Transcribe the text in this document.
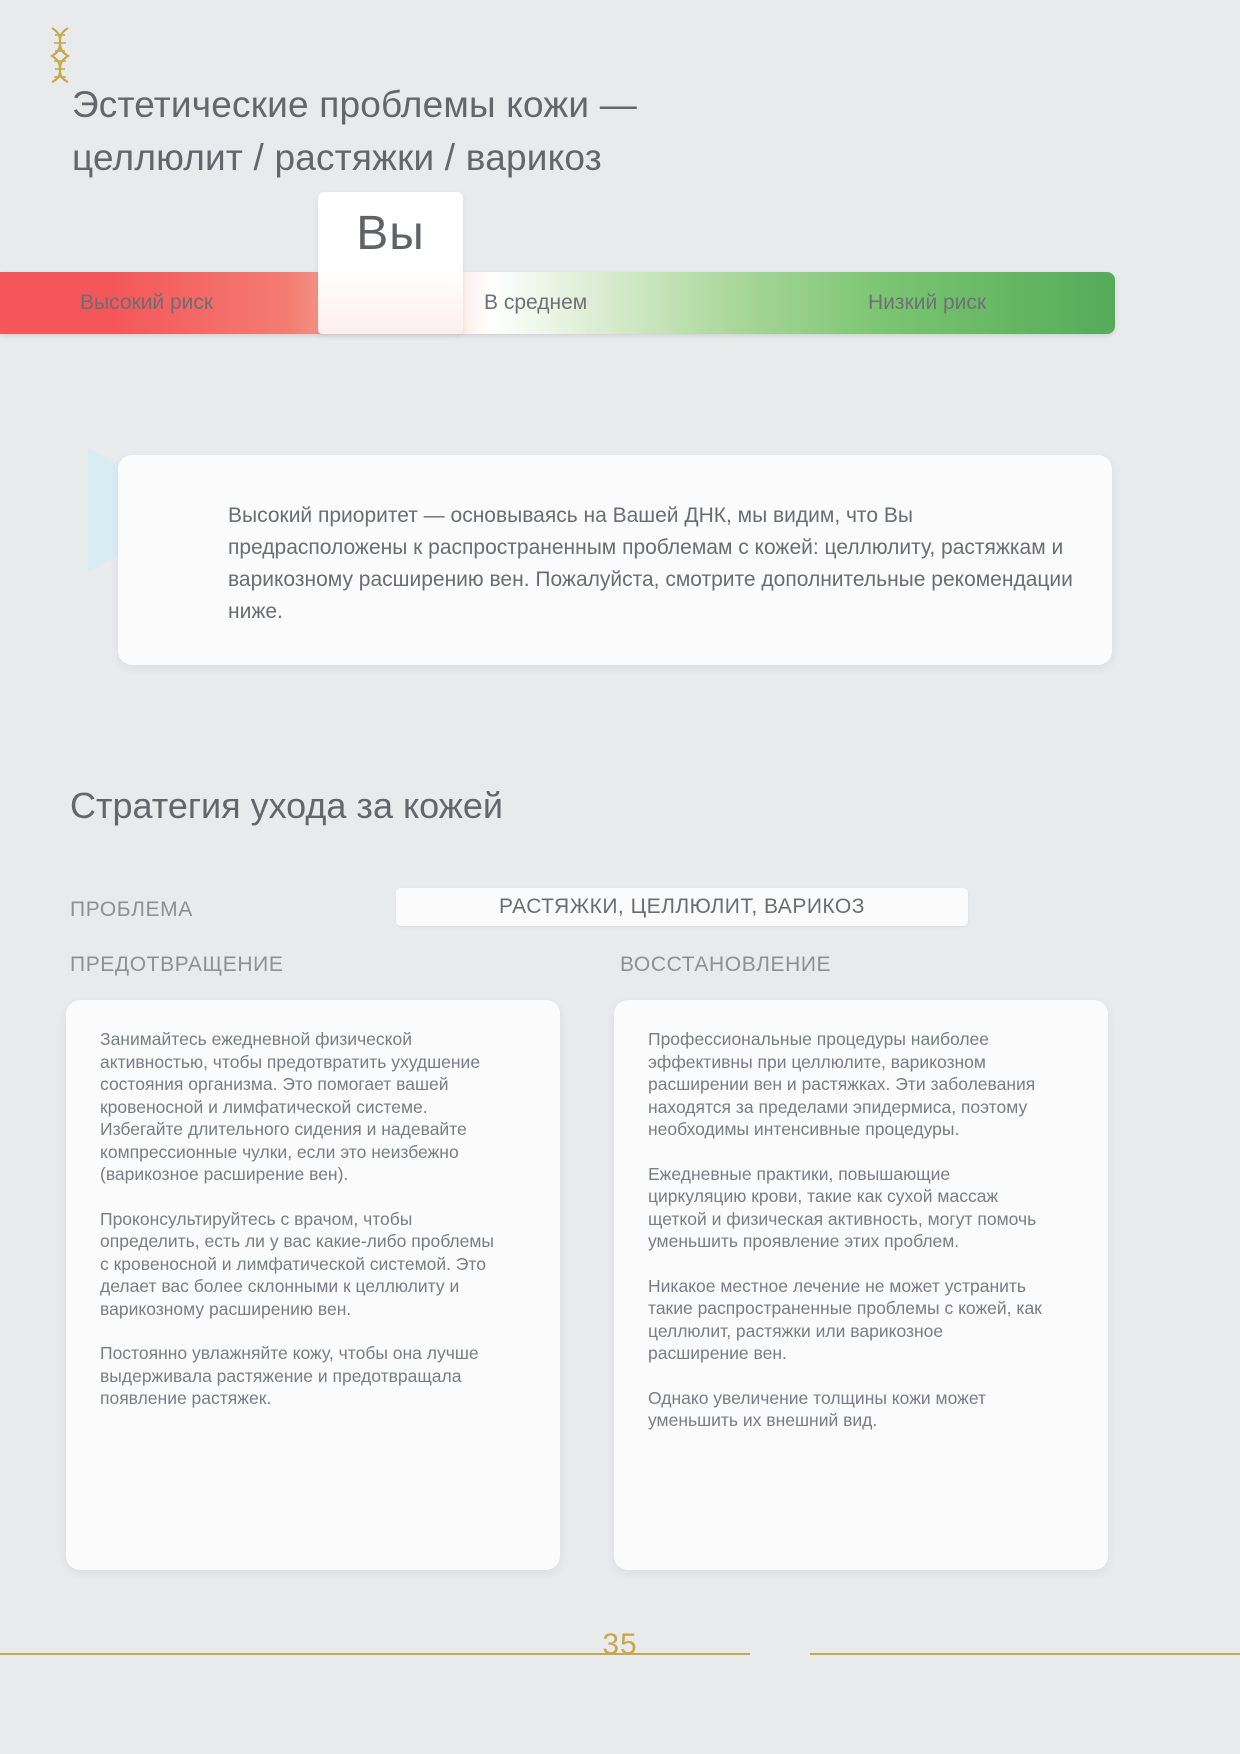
Эстетические проблемы кожи —
целлюлит / растяжки / варикоз
Высокий риск	В среднем	Низкий риск
Вы
Высокий приоритет — основываясь на Вашей ДНК, мы видим, что Вы предрасположены к распространенным проблемам с кожей: целлюлиту, растяжкам и варикозному расширению вен. Пожалуйста, смотрите дополнительные рекомендации ниже.
Стратегия ухода за кожей
ПРОБЛЕМА	РАСТЯЖКИ, ЦЕЛЛЮЛИТ, ВАРИКОЗ
ПРЕДОТВРАЩЕНИЕ	ВОССТАНОВЛЕНИЕ

Занимайтесь ежедневной физической активностью, чтобы предотвратить ухудшение состояния организма. Это помогает вашей кровеносной и лимфатической системе. Избегайте длительного сидения и надевайте компрессионные чулки, если это неизбежно (варикозное расширение вен).

Проконсультируйтесь с врачом, чтобы определить, есть ли у вас какие-либо проблемы с кровеносной и лимфатической системой. Это делает вас более склонными к целлюлиту и варикозному расширению вен.

Постоянно увлажняйте кожу, чтобы она лучше выдерживала растяжение и предотвращала появление растяжек.

Профессиональные процедуры наиболее эффективны при целлюлите, варикозном расширении вен и растяжках. Эти заболевания находятся за пределами эпидермиса, поэтому необходимы интенсивные процедуры.

Ежедневные практики, повышающие циркуляцию крови, такие как сухой массаж щеткой и физическая активность, могут помочь уменьшить проявление этих проблем.

Никакое местное лечение не может устранить такие распространенные проблемы с кожей, как целлюлит, растяжки или варикозное расширение вен.

Однако увеличение толщины кожи может уменьшить их внешний вид.

35
